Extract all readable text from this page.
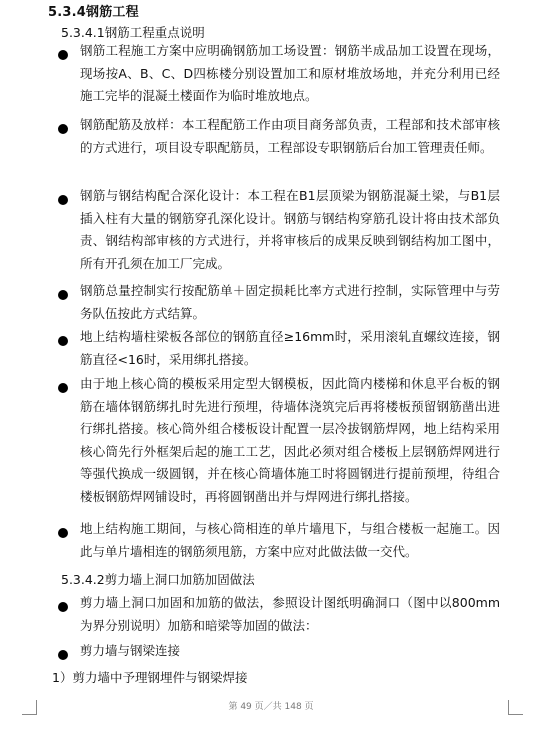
5.3.4钢筋工程
5.3.4.1钢筋工程重点说明
钢筋工程施工方案中应明确钢筋加工场设置：钢筋半成品加工设置在现场，现场按A、B、C、D四栋楼分别设置加工和原材堆放场地，并充分利用已经施工完毕的混凝土楼面作为临时堆放地点。
钢筋配筋及放样：本工程配筋工作由项目商务部负责，工程部和技术部审核的方式进行，项目设专职配筋员，工程部设专职钢筋后台加工管理责任师。
钢筋与钢结构配合深化设计：本工程在B1层顶梁为钢筋混凝土梁，与B1层插入柱有大量的钢筋穿孔深化设计。钢筋与钢结构穿筋孔设计将由技术部负责、钢结构部审核的方式进行，并将审核后的成果反映到钢结构加工图中，所有开孔须在加工厂完成。
钢筋总量控制实行按配筋单＋固定损耗比率方式进行控制，实际管理中与劳务队伍按此方式结算。
地上结构墙柱梁板各部位的钢筋直径≥16mm时，采用滚轧直螺纹连接，钢筋直径<16时，采用绑扎搭接。
由于地上核心筒的模板采用定型大钢模板，因此筒内楼梯和休息平台板的钢筋在墙体钢筋绑扎时先进行预埋，待墙体浇筑完后再将楼板预留钢筋凿出进行绑扎搭接。核心筒外组合楼板设计配置一层冷拔钢筋焊网，地上结构采用核心筒先行外框架后起的施工工艺，因此必须对组合楼板上层钢筋焊网进行等强代换成一级圆钢，并在核心筒墙体施工时将圆钢进行提前预埋，待组合楼板钢筋焊网铺设时，再将圆钢凿出并与焊网进行绑扎搭接。
地上结构施工期间，与核心筒相连的单片墙甩下，与组合楼板一起施工。因此与单片墙相连的钢筋须甩筋，方案中应对此做法做一交代。
5.3.4.2剪力墙上洞口加筋加固做法
剪力墙上洞口加固和加筋的做法，参照设计图纸明确洞口（图中以800mm为界分别说明）加筋和暗梁等加固的做法：
剪力墙与钢梁连接
1）剪力墙中予理钢埋件与钢梁焊接
第 49 页／共 148 页
